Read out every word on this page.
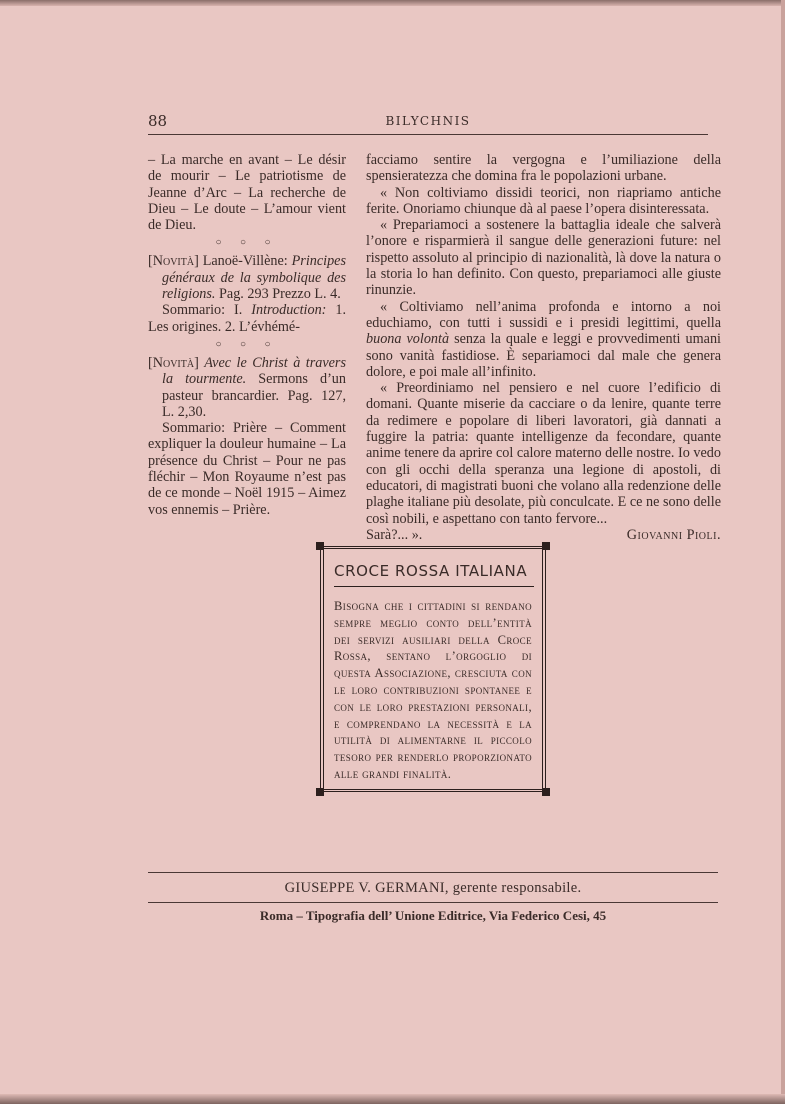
88	BILYCHNIS

– La marche en avant – Le désir de mourir – Le patriotisme de Jeanne d’Arc – La recherche de Dieu – Le doute – L’amour vient de Dieu.

○ ○ ○

[Novità] Lanoë-Villène: Principes généraux de la symbolique des religions. Pag. 293 Prezzo L. 4.

Sommario: I. Introduction: 1. Les origines. 2. L’évhémé-

○ ○ ○

[Novità] Avec le Christ à travers la tourmente. Sermons d’un pasteur brancardier. Pag. 127, L. 2,30.

Sommario: Prière – Comment expliquer la douleur humaine – La présence du Christ – Pour ne pas fléchir – Mon Royaume n’est pas de ce monde – Noël 1915 – Aimez vos ennemis – Prière.

facciamo sentire la vergogna e l’umiliazione della spensieratezza che domina fra le popolazioni urbane.

« Non coltiviamo dissidi teorici, non riapriamo antiche ferite. Onoriamo chiunque dà al paese l’opera disinteressata.

« Prepariamoci a sostenere la battaglia ideale che salverà l’onore e risparmierà il sangue delle generazioni future: nel rispetto assoluto al principio di nazionalità, là dove la natura o la storia lo han definito. Con questo, prepariamoci alle giuste rinunzie.

« Coltiviamo nell’anima profonda e intorno a noi educhiamo, con tutti i sussidi e i presidi legittimi, quella buona volontà senza la quale e leggi e provvedimenti umani sono vanità fastidiose. È separiamoci dal male che genera dolore, e poi male all’infinito.

« Preordiniamo nel pensiero e nel cuore l’edificio di domani. Quante miserie da cacciare o da lenire, quante terre da redimere e popolare di liberi lavoratori, già dannati a fuggire la patria: quante intelligenze da fecondare, quante anime tenere da aprire col calore materno delle nostre. Io vedo con gli occhi della speranza una legione di apostoli, di educatori, di magistrati buoni che volano alla redenzione delle plaghe italiane più desolate, più conculcate. E ce ne sono delle così nobili, e aspettano con tanto fervore...

Sarà?... ».	Giovanni Pioli.
CROCE ROSSA ITALIANA
Bisogna che i cittadini si rendano sempre meglio conto dell’entità dei servizi ausiliari della Croce Rossa, sentano l’orgoglio di questa Associazione, cresciuta con le loro contribuzioni spontanee e con le loro prestazioni personali, e comprendano la necessità e la utilità di alimentarne il piccolo tesoro per renderlo proporzionato alle grandi finalità.
GIUSEPPE V. GERMANI, gerente responsabile.
Roma – Tipografia dell’ Unione Editrice, Via Federico Cesi, 45
